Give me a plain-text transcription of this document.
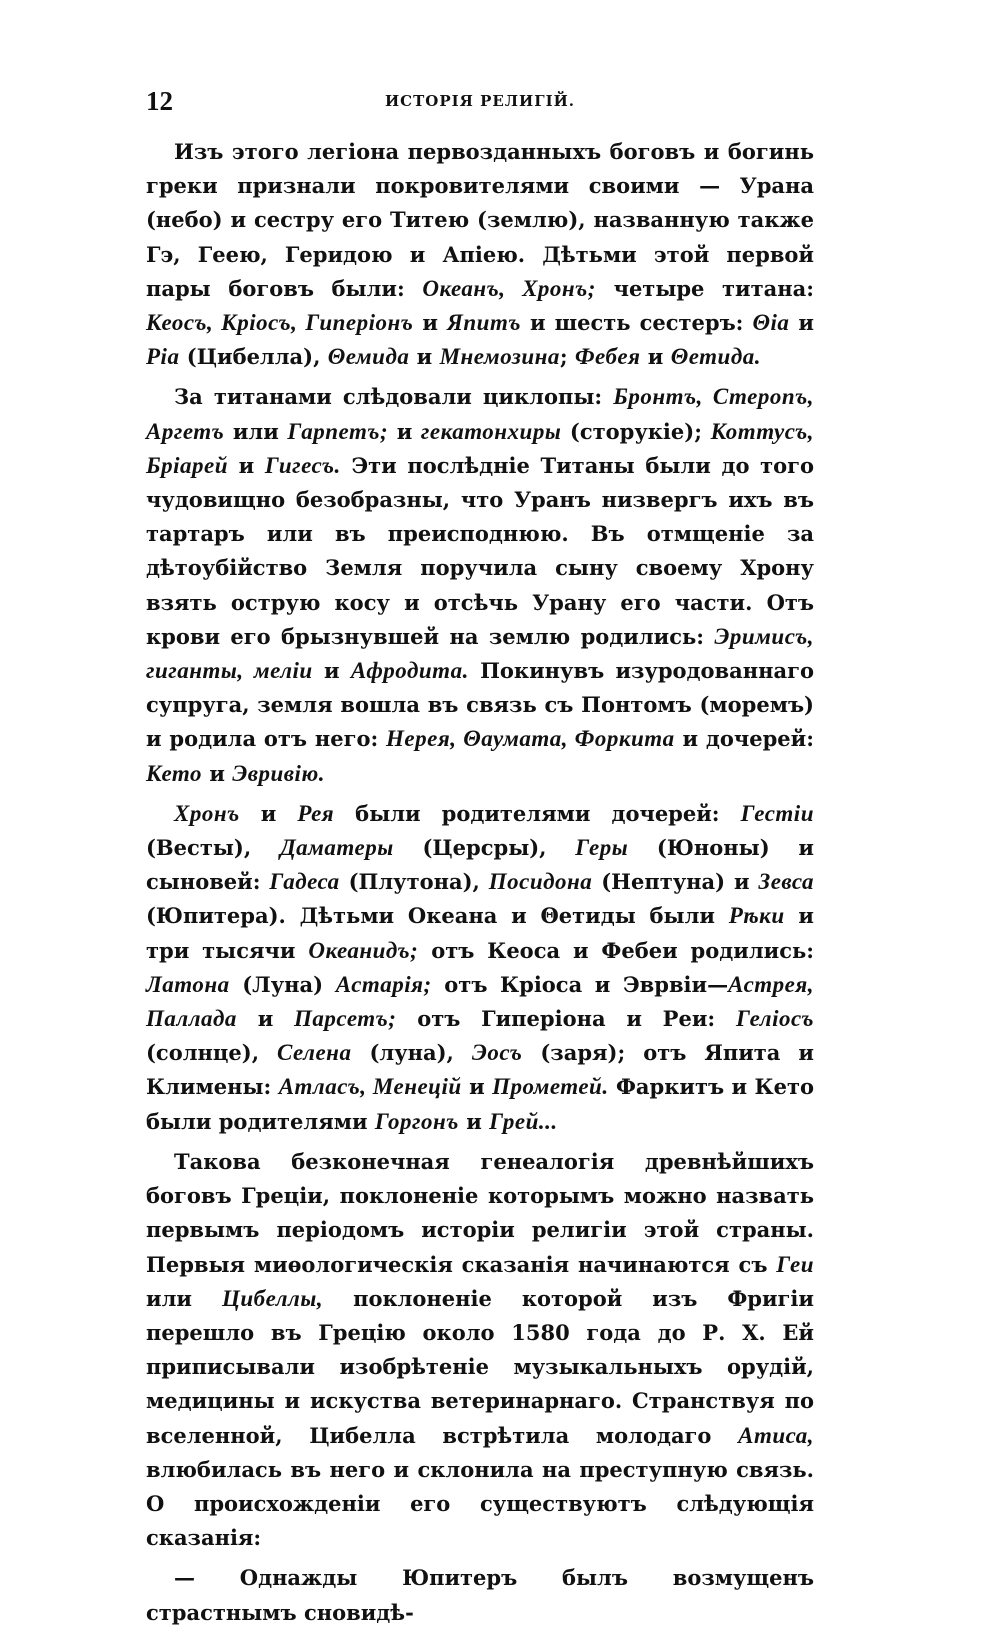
12	ИСТОРІЯ РЕЛИГІЙ.

Изъ этого легіона первозданныхъ боговъ и богинь греки признали покровителями своими — Урана (небо) и сестру его Титею (землю), названную также Гэ, Геею, Геридою и Апіею. Дѣтьми этой первой пары боговъ были: Океанъ, Хронъ; четыре титана: Кеосъ, Кріосъ, Гиперіонъ и Япитъ и шесть сестеръ: Θіа и Ріа (Цибелла), Θемида и Мнемозина; Фебея и Θетида.

За титанами слѣдовали циклопы: Бронтъ, Стеропъ, Аргетъ или Гарпетъ; и гекатонхиры (сторукіе); Коттусъ, Бріарей и Гигесъ. Эти послѣдніе Титаны были до того чудовищно безобразны, что Уранъ низвергъ ихъ въ тартаръ или въ преисподнюю. Въ отмщеніе за дѣтоубійство Земля поручила сыну своему Хрону взять острую косу и отсѣчь Урану его части. Отъ крови его брызнувшей на землю родились: Эримисъ, гиганты, меліи и Афродита. Покинувъ изуродованнаго супруга, земля вошла въ связь съ Понтомъ (моремъ) и родила отъ него: Нерея, Θаумата, Форкита и дочерей: Кето и Эвривію.

Хронъ и Рея были родителями дочерей: Гестіи (Весты), Даматеры (Церсры), Геры (Юноны) и сыновей: Гадеса (Плутона), Посидона (Нептуна) и Зевса (Юпитера). Дѣтьми Океана и Θетиды были Рѣки и три тысячи Океанидъ; отъ Кеоса и Фебеи родились: Латона (Луна) Астарія; отъ Кріоса и Эврвіи—Астрея, Паллада и Парсетъ; отъ Гиперіона и Реи: Геліосъ (солнце), Селена (луна), Эосъ (заря); отъ Япита и Климены: Атласъ, Менецій и Прометей. Фаркитъ и Кето были родителями Горгонъ и Грей...

Такова безконечная генеалогія древнѣйшихъ боговъ Греціи, поклоненіе которымъ можно назвать первымъ періодомъ исторіи религіи этой страны. Первыя миѳологическія сказанія начинаются съ Геи или Цибеллы, поклоненіе которой изъ Фригіи перешло въ Грецію около 1580 года до Р. Х. Ей приписывали изобрѣтеніе музыкальныхъ орудій, медицины и искуства ветеринарнаго. Странствуя по вселенной, Цибелла встрѣтила молодаго Атиса, влюбилась въ него и склонила на преступную связь. О происхожденіи его существуютъ слѣдующія сказанія:

— Однажды Юпитеръ былъ возмущенъ страстнымъ сновидѣ-
